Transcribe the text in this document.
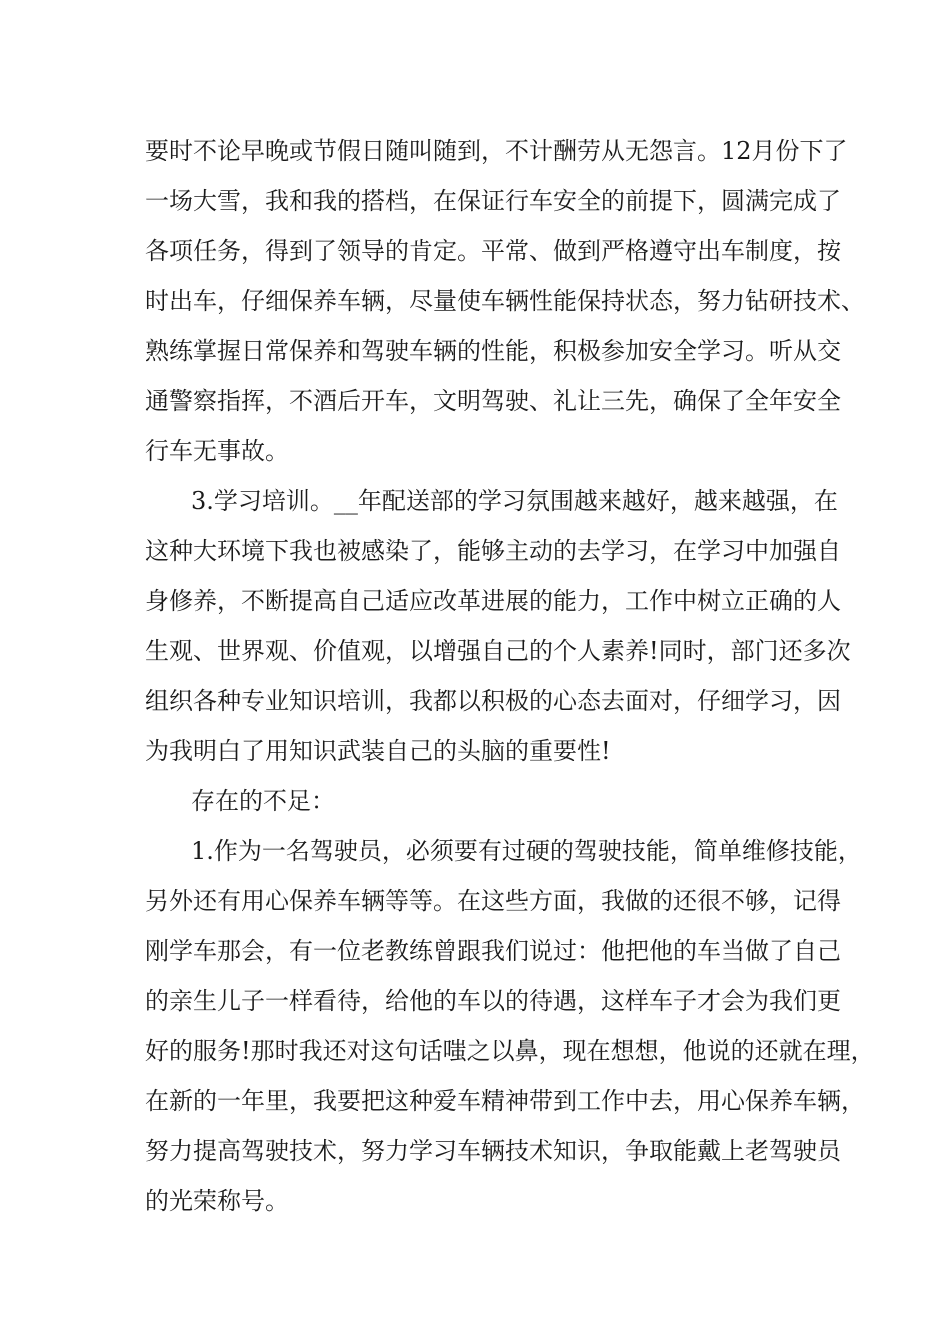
要时不论早晚或节假日随叫随到，不计酬劳从无怨言。12月份下了
一场大雪，我和我的搭档，在保证行车安全的前提下，圆满完成了
各项任务，得到了领导的肯定。平常、做到严格遵守出车制度，按
时出车，仔细保养车辆，尽量使车辆性能保持状态，努力钻研技术、
熟练掌握日常保养和驾驶车辆的性能，积极参加安全学习。听从交
通警察指挥，不酒后开车，文明驾驶、礼让三先，确保了全年安全
行车无事故。
3.学习培训。__年配送部的学习氛围越来越好，越来越强，在
这种大环境下我也被感染了，能够主动的去学习，在学习中加强自
身修养，不断提高自己适应改革进展的能力，工作中树立正确的人
生观、世界观、价值观，以增强自己的个人素养!同时，部门还多次
组织各种专业知识培训，我都以积极的心态去面对，仔细学习，因
为我明白了用知识武装自己的头脑的重要性!
存在的不足：
1.作为一名驾驶员，必须要有过硬的驾驶技能，简单维修技能，
另外还有用心保养车辆等等。在这些方面，我做的还很不够，记得
刚学车那会，有一位老教练曾跟我们说过：他把他的车当做了自己
的亲生儿子一样看待，给他的车以的待遇，这样车子才会为我们更
好的服务!那时我还对这句话嗤之以鼻，现在想想，他说的还就在理，
在新的一年里，我要把这种爱车精神带到工作中去，用心保养车辆，
努力提高驾驶技术，努力学习车辆技术知识，争取能戴上老驾驶员
的光荣称号。
